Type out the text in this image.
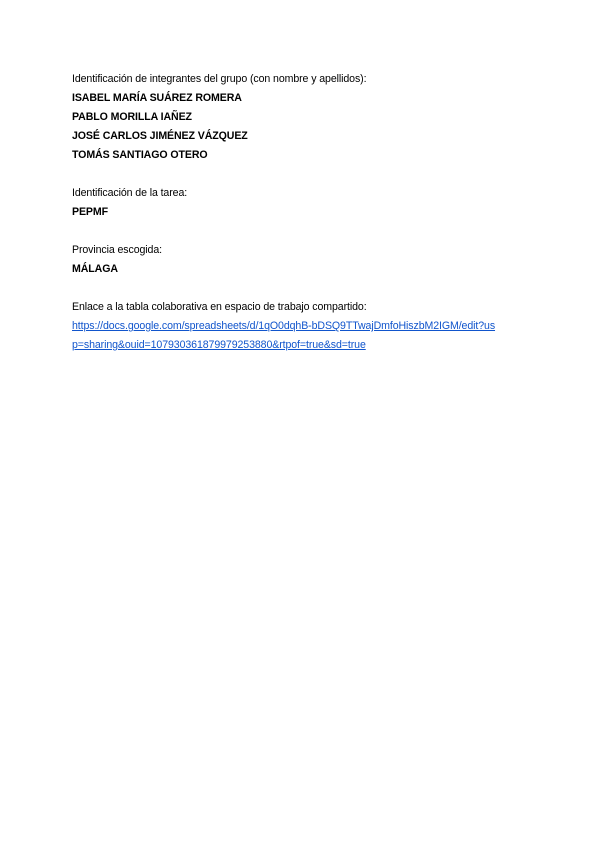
Identificación de integrantes del grupo (con nombre y apellidos):
ISABEL MARÍA SUÁREZ ROMERA
PABLO MORILLA IAÑEZ
JOSÉ CARLOS JIMÉNEZ VÁZQUEZ
TOMÁS SANTIAGO OTERO
Identificación de la tarea:
PEPMF
Provincia escogida:
MÁLAGA
Enlace a la tabla colaborativa en espacio de trabajo compartido:
https://docs.google.com/spreadsheets/d/1qO0dqhB-bDSQ9TTwajDmfoHiszbM2IGM/edit?us
p=sharing&ouid=107930361879979253880&rtpof=true&sd=true
